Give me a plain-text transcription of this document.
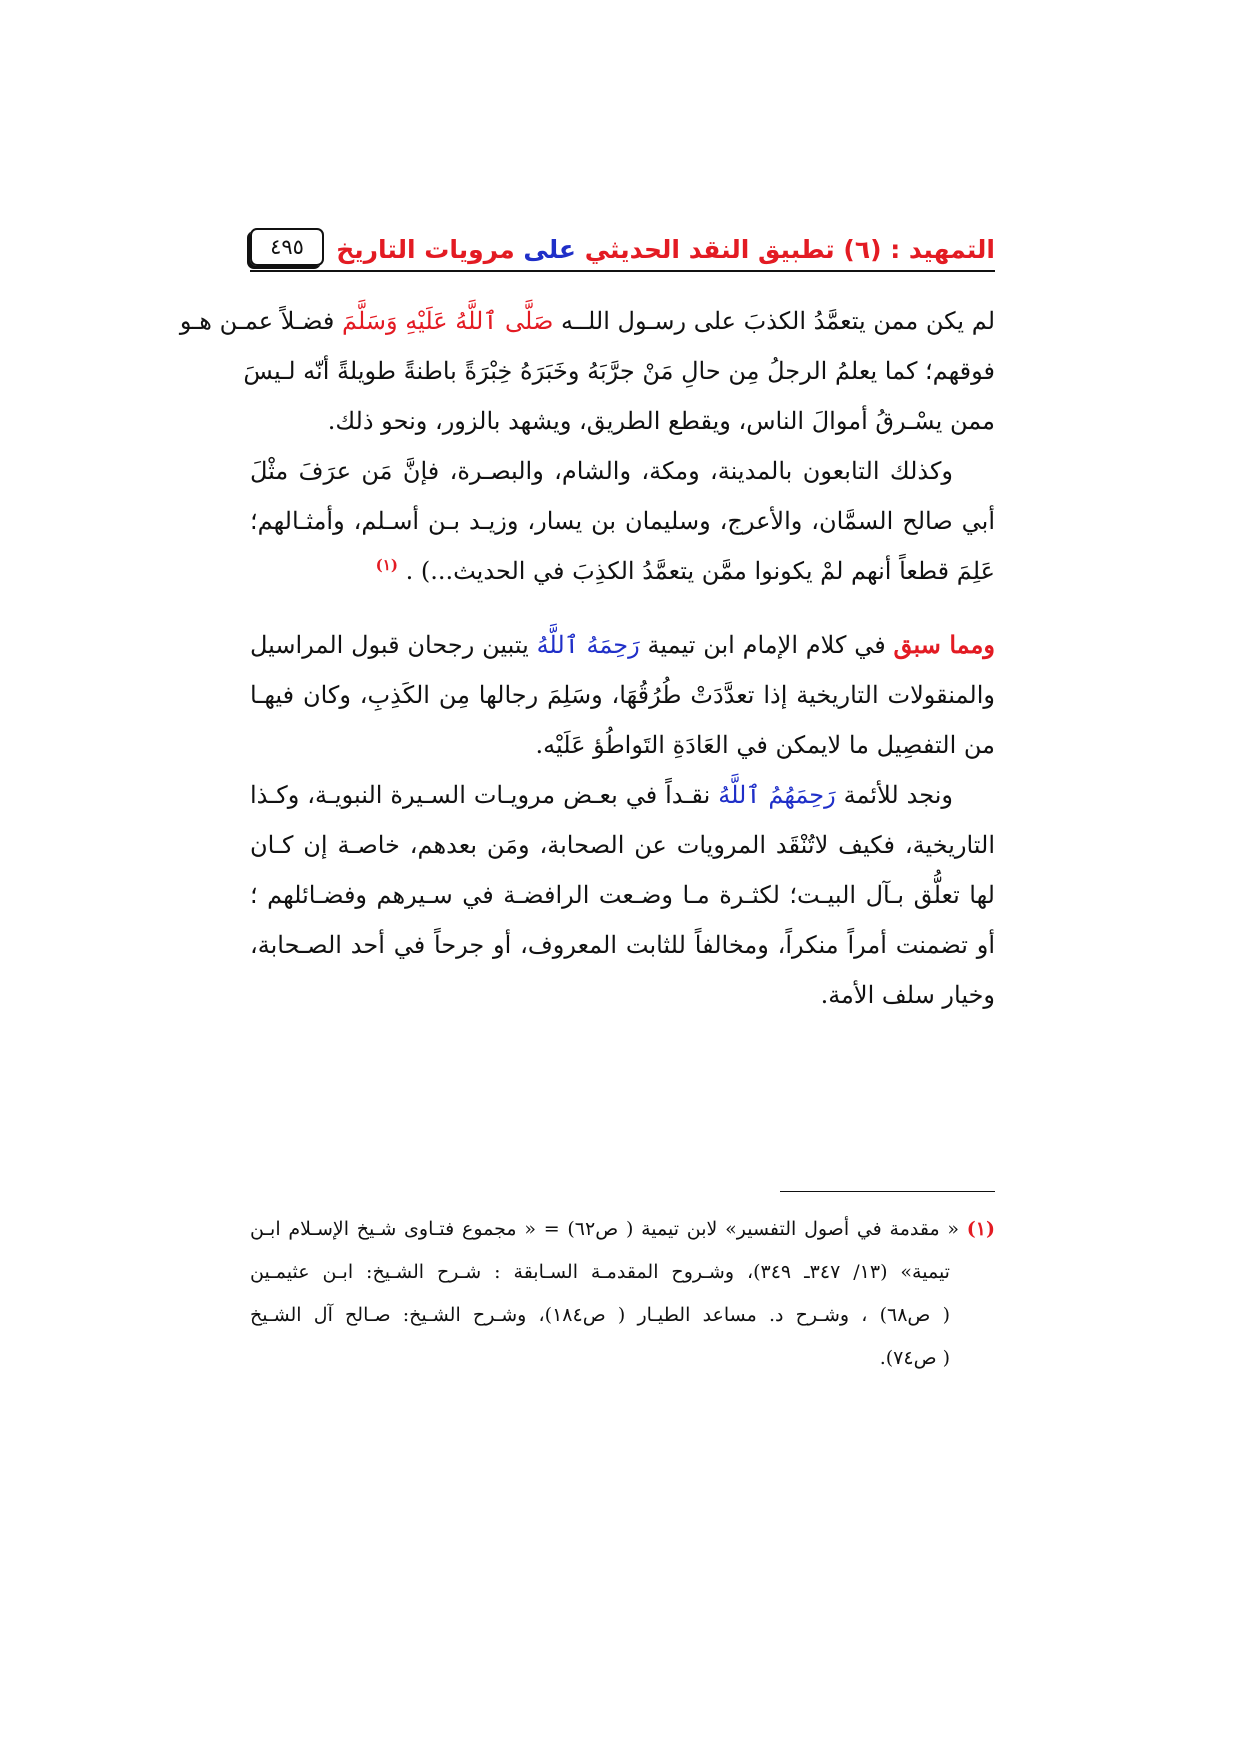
التمهيد : (٦) تطبيق النقد الحديثي على مرويات التاريخ
٤٩٥
لم يكن ممن يتعمَّدُ الكذبَ على رسـول اللــه صَلَّى ٱللَّهُ عَلَيْهِ وَسَلَّمَ فضـلاً عمـن هـو
فوقهم؛ كما يعلمُ الرجلُ مِن حالِ مَنْ جرَّبَهُ وخَبَرَهُ خِبْرَةً باطنةً طويلةً أنّه لـيسَ
ممن يسْـرقُ أموالَ الناس، ويقطع الطريق، ويشهد بالزور، ونحو ذلك.
وكذلك التابعون بالمدينة، ومكة، والشام، والبصـرة، فإنَّ مَن عرَفَ مثْلَ
أبي صالح السمَّان، والأعرج، وسليمان بن يسار، وزيـد بـن أسـلم، وأمثـالهم؛
عَلِمَ قطعاً أنهم لمْ يكونوا ممَّن يتعمَّدُ الكذِبَ في الحديث...) . $^{(١)}$
ومما سبق في كلام الإمام ابن تيمية رَحِمَهُ ٱللَّهُ يتبين رجحان قبول المراسيل
والمنقولات التاريخية إذا تعدَّدَتْ طُرُقُهَا، وسَلِمَ رجالها مِن الكَذِبِ، وكان فيهـا
من التفصِيل ما لايمكن في العَادَةِ التَواطُؤ عَلَيْه.
ونجد للأئمة رَحِمَهُمُ ٱللَّهُ نقـداً في بعـض مرويـات السـيرة النبويـة، وكـذا
التاريخية، فكيف لاتُنْقَد المرويات عن الصحابة، ومَن بعدهم، خاصـة إن كـان
لها تعلُّق بـآل البيـت؛ لكثـرة مـا وضـعت الرافضـة في سـيرهم وفضـائلهم ؛
أو تضمنت أمراً منكراً، ومخالفاً للثابت المعروف، أو جرحاً في أحد الصـحابة،
وخيار سلف الأمة.
(١) « مقدمة في أصول التفسير» لابن تيمية ( ص٦٢) = « مجموع فتـاوى شـيخ الإسـلام ابـن
تيمية» (١٣/ ٣٤٧ـ ٣٤٩)، وشـروح المقدمـة السـابقة : شـرح الشـيخ: ابـن عثيمـين
( ص٦٨) ، وشـرح د. مساعد الطيـار ( ص١٨٤)، وشـرح الشـيخ: صـالح آل الشـيخ
( ص٧٤).
